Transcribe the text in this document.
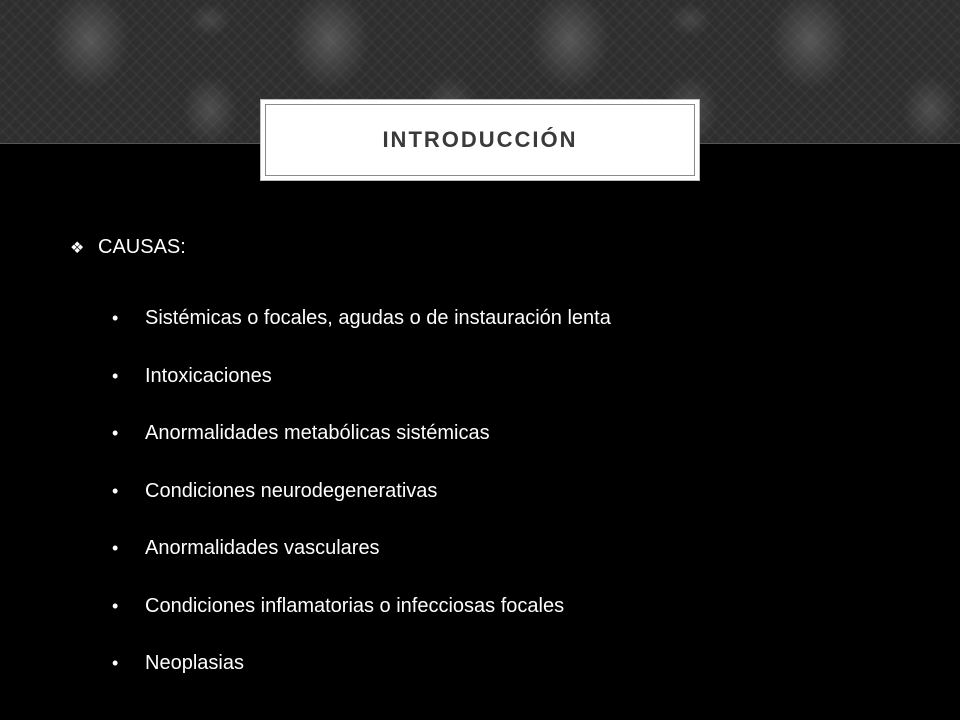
INTRODUCCIÓN
❖ CAUSAS:
•	Sistémicas o focales, agudas o de instauración lenta
•	Intoxicaciones
•	Anormalidades metabólicas sistémicas
•	Condiciones neurodegenerativas
•	Anormalidades vasculares
•	Condiciones inflamatorias o infecciosas focales
•	Neoplasias
